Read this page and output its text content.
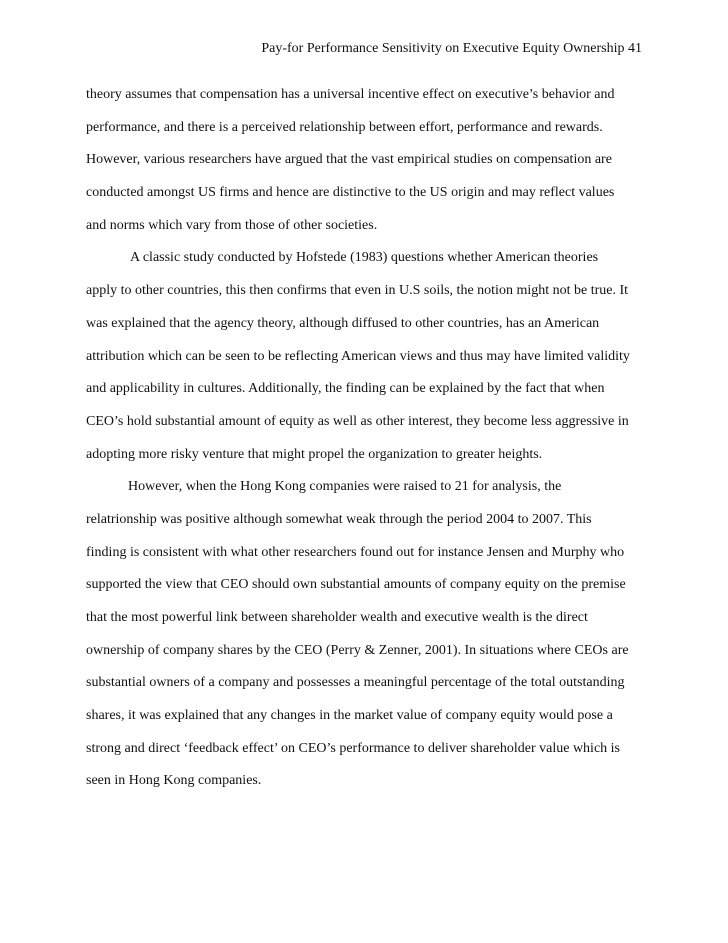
Pay-for Performance Sensitivity on Executive Equity Ownership 41
theory assumes that compensation has a universal incentive effect on executive’s behavior and
performance, and there is a perceived relationship between effort, performance and rewards.
However, various researchers have argued that the vast empirical studies on compensation are
conducted amongst US firms and hence are distinctive to the US origin and may reflect values
and norms which vary from those of other societies.
A classic study conducted by Hofstede (1983) questions whether American theories
apply to other countries, this then confirms that even in U.S soils, the notion might not be true. It
was explained that the agency theory, although diffused to other countries, has an American
attribution which can be seen to be reflecting American views and thus may have limited validity
and applicability in cultures. Additionally, the finding can be explained by the fact that when
CEO’s hold substantial amount of equity as well as other interest, they become less aggressive in
adopting more risky venture that might propel the organization to greater heights.
However, when the Hong Kong companies were raised to 21 for analysis, the
relatrionship was positive although somewhat weak through the period 2004 to 2007. This
finding is consistent with what other researchers found out for instance Jensen and Murphy who
supported the view that CEO should own substantial amounts of company equity on the premise
that the most powerful link between shareholder wealth and executive wealth is the direct
ownership of company shares by the CEO (Perry & Zenner, 2001). In situations where CEOs are
substantial owners of a company and possesses a meaningful percentage of the total outstanding
shares, it was explained that any changes in the market value of company equity would pose a
strong and direct ‘feedback effect’ on CEO’s performance to deliver shareholder value which is
seen in Hong Kong companies.
